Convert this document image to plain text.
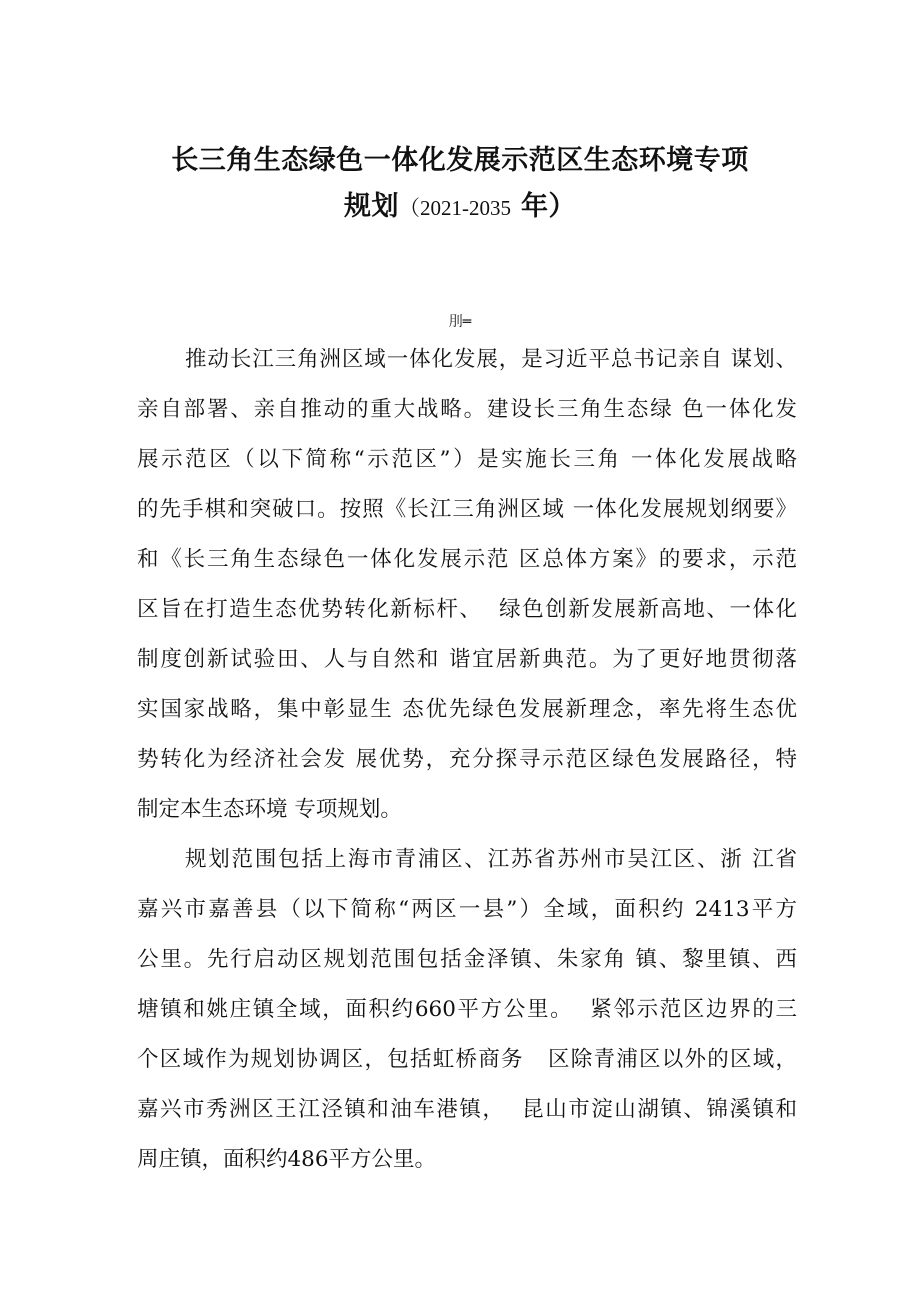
长三角生态绿色一体化发展示范区生态环境专项
规划（2021-2035 年）
刖═
推动长江三角洲区域一体化发展，是习近平总书记亲自 谋划、
亲自部署、亲自推动的重大战略。建设长三角生态绿 色一体化发
展示范区（以下简称“示范区”）是实施长三角 一体化发展战略
的先手棋和突破口。按照《长江三角洲区域 一体化发展规划纲要》
和《长三角生态绿色一体化发展示范 区总体方案》的要求，示范
区旨在打造生态优势转化新标杆、  绿色创新发展新高地、一体化
制度创新试验田、人与自然和 谐宜居新典范。为了更好地贯彻落
实国家战略，集中彰显生 态优先绿色发展新理念，率先将生态优
势转化为经济社会发 展优势，充分探寻示范区绿色发展路径，特
制定本生态环境 专项规划。
规划范围包括上海市青浦区、江苏省苏州市吴江区、浙 江省
嘉兴市嘉善县（以下简称“两区一县”）全域，面积约 2413平方
公里。先行启动区规划范围包括金泽镇、朱家角 镇、黎里镇、西
塘镇和姚庄镇全域，面积约660平方公里。  紧邻示范区边界的三
个区域作为规划协调区，包括虹桥商务   区除青浦区以外的区域，
嘉兴市秀洲区王江泾镇和油车港镇，  昆山市淀山湖镇、锦溪镇和
周庄镇，面积约486平方公里。
